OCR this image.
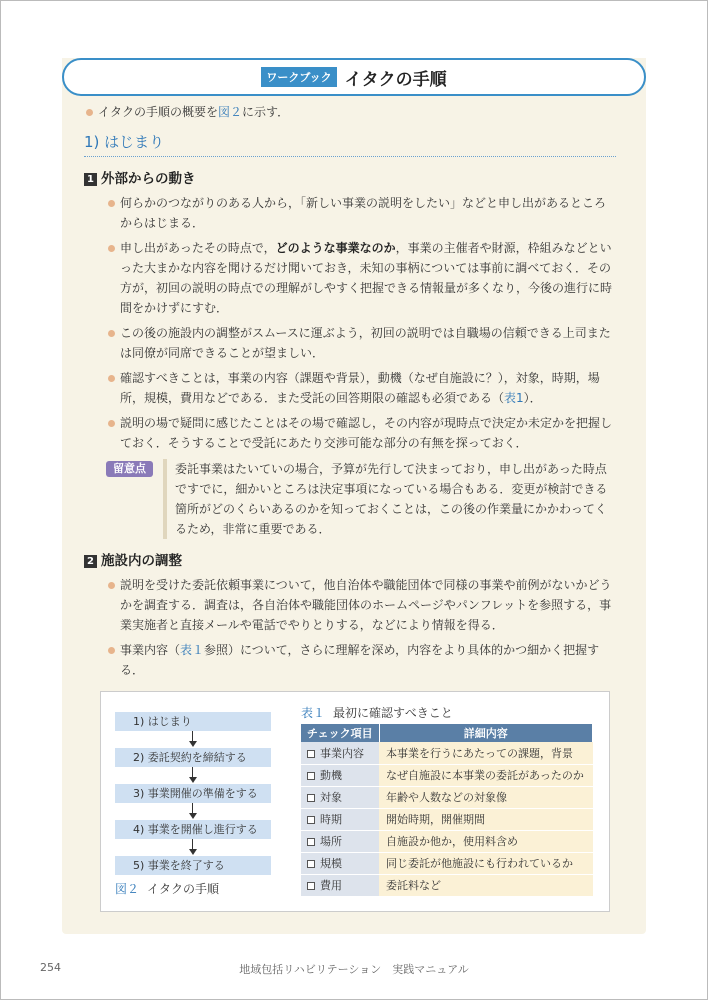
ワークブック イタクの手順

イタクの手順の概要を図２に示す．

1) はじまり
1 外部からの動き

何らかのつながりのある人から，「新しい事業の説明をしたい」などと申し出があるところからはじまる．

申し出があったその時点で，どのような事業なのか，事業の主催者や財源，枠組みなどといった大まかな内容を聞けるだけ聞いておき，未知の事柄については事前に調べておく．その方が，初回の説明の時点での理解がしやすく把握できる情報量が多くなり，今後の進行に時間をかけずにすむ．

この後の施設内の調整がスムースに運ぶよう，初回の説明では自職場の信頼できる上司または同僚が同席できることが望ましい．

確認すべきことは，事業の内容（課題や背景），動機（なぜ自施設に？），対象，時期，場所，規模，費用などである．また受託の回答期限の確認も必須である（表1）．

説明の場で疑問に感じたことはその場で確認し，その内容が現時点で決定か未定かを把握しておく．そうすることで受託にあたり交渉可能な部分の有無を探っておく．

留意点	委託事業はたいていの場合，予算が先行して決まっており，申し出があった時点ですでに，細かいところは決定事項になっている場合もある．変更が検討できる箇所がどのくらいあるのかを知っておくことは，この後の作業量にかかわってくるため，非常に重要である．

2 施設内の調整

説明を受けた委託依頼事業について，他自治体や職能団体で同様の事業や前例がないかどうかを調査する．調査は，各自治体や職能団体のホームページやパンフレットを参照する，事業実施者と直接メールや電話でやりとりする，などにより情報を得る．

事業内容（表１参照）について，さらに理解を深め，内容をより具体的かつ細かく把握する．

1) はじまり
2) 委託契約を締結する
3) 事業開催の準備をする
4) 事業を開催し進行する
5) 事業を終了する
図２ イタクの手順
表１ 最初に確認すべきこと
チェック項目	詳細内容
事業内容	本事業を行うにあたっての課題，背景
動機	なぜ自施設に本事業の委託があったのか
対象	年齢や人数などの対象像
時期	開始時期，開催期間
場所	自施設か他か，使用料含め
規模	同じ委託が他施設にも行われているか
費用	委託料など
254	地域包括リハビリテーション　実践マニュアル
